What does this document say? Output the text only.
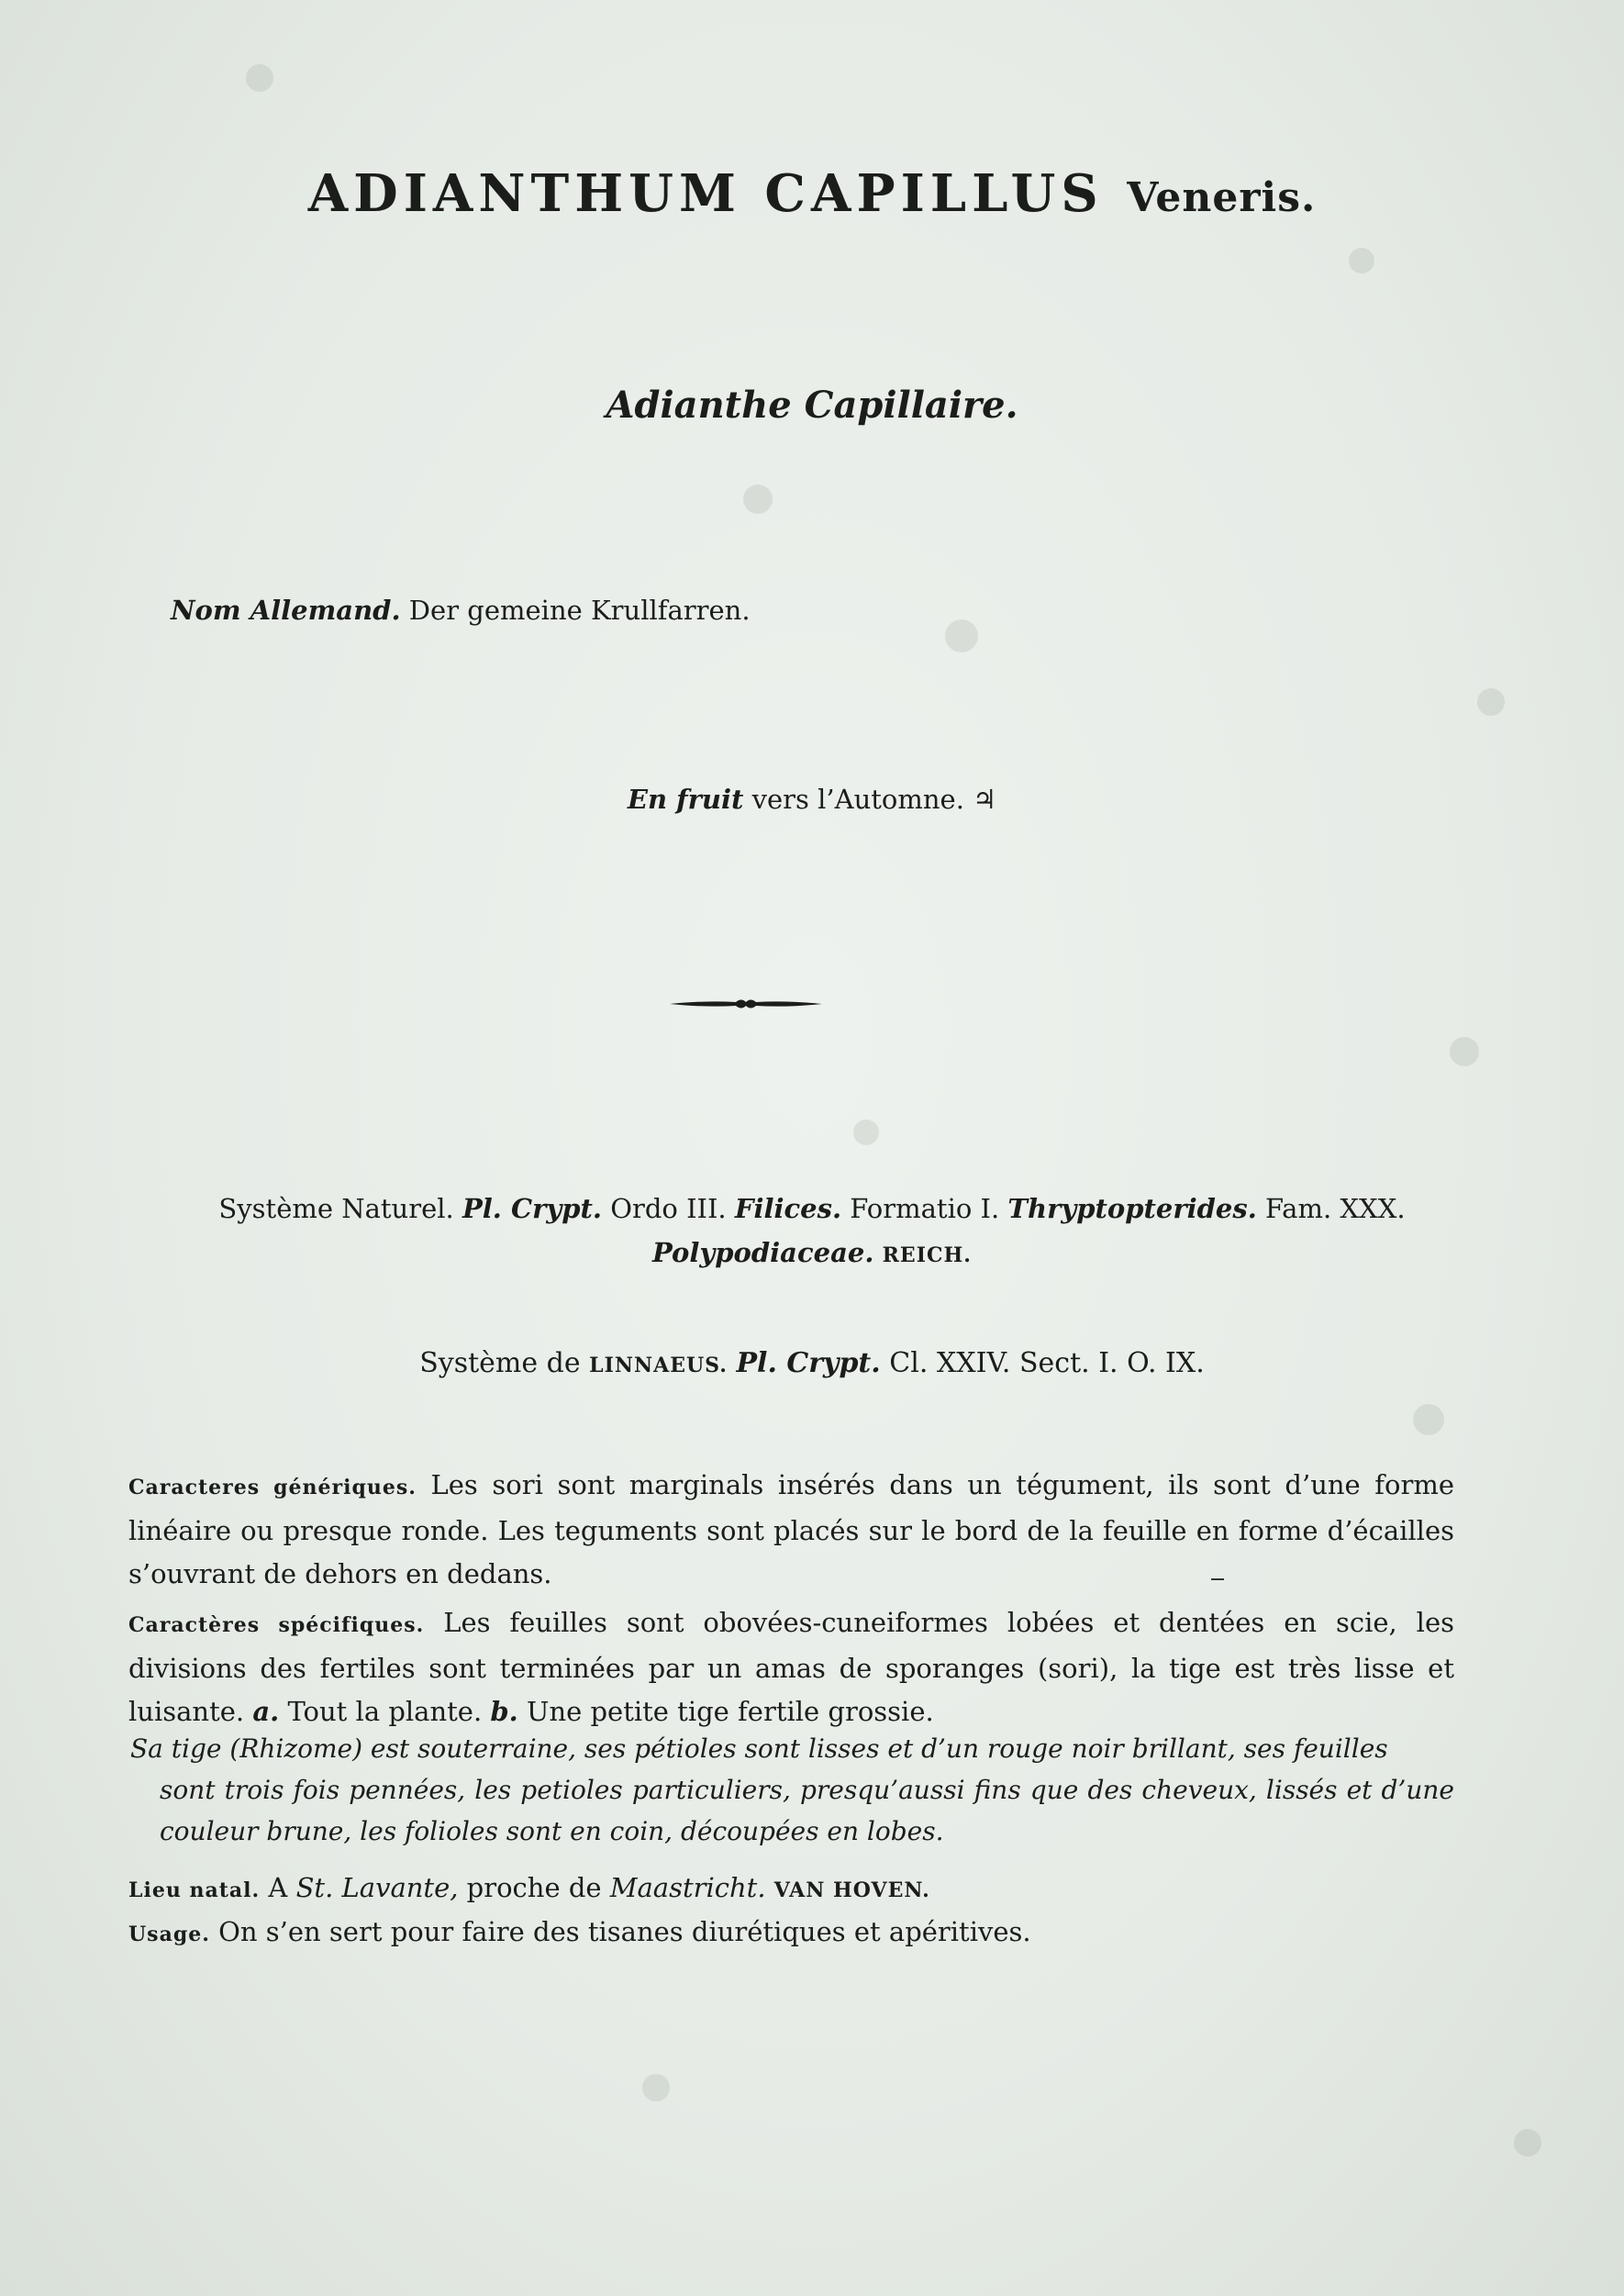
ADIANTHUM CAPILLUS Veneris.
Adianthe Capillaire.
Nom Allemand. Der gemeine Krullfarren.
En fruit vers l’Automne. ♃
Système Naturel. Pl. Crypt. Ordo III. Filices. Formatio I. Thryptopterides. Fam. XXX.
Polypodiaceae. REICH.
Système de LINNAEUS. Pl. Crypt. Cl. XXIV. Sect. I. O. IX.
Caracteres génériques. Les sori sont marginals insérés dans un tégument, ils sont d’une forme linéaire ou presque ronde. Les teguments sont placés sur le bord de la feuille en forme d’écailles s’ouvrant de dehors en dedans.
Caractères spécifiques. Les feuilles sont obovées-cuneiformes lobées et dentées en scie, les divisions des fertiles sont terminées par un amas de sporanges (sori), la tige est très lisse et luisante. a. Tout la plante. b. Une petite tige fertile grossie.
Sa tige (Rhizome) est souterraine, ses pétioles sont lisses et d’un rouge noir brillant, ses feuilles
sont trois fois pennées, les petioles particuliers, presqu’aussi fins que des cheveux, lissés et d’une couleur brune, les folioles sont en coin, découpées en lobes.
Lieu natal. A St. Lavante, proche de Maastricht. VAN HOVEN.
Usage. On s’en sert pour faire des tisanes diurétiques et apéritives.
